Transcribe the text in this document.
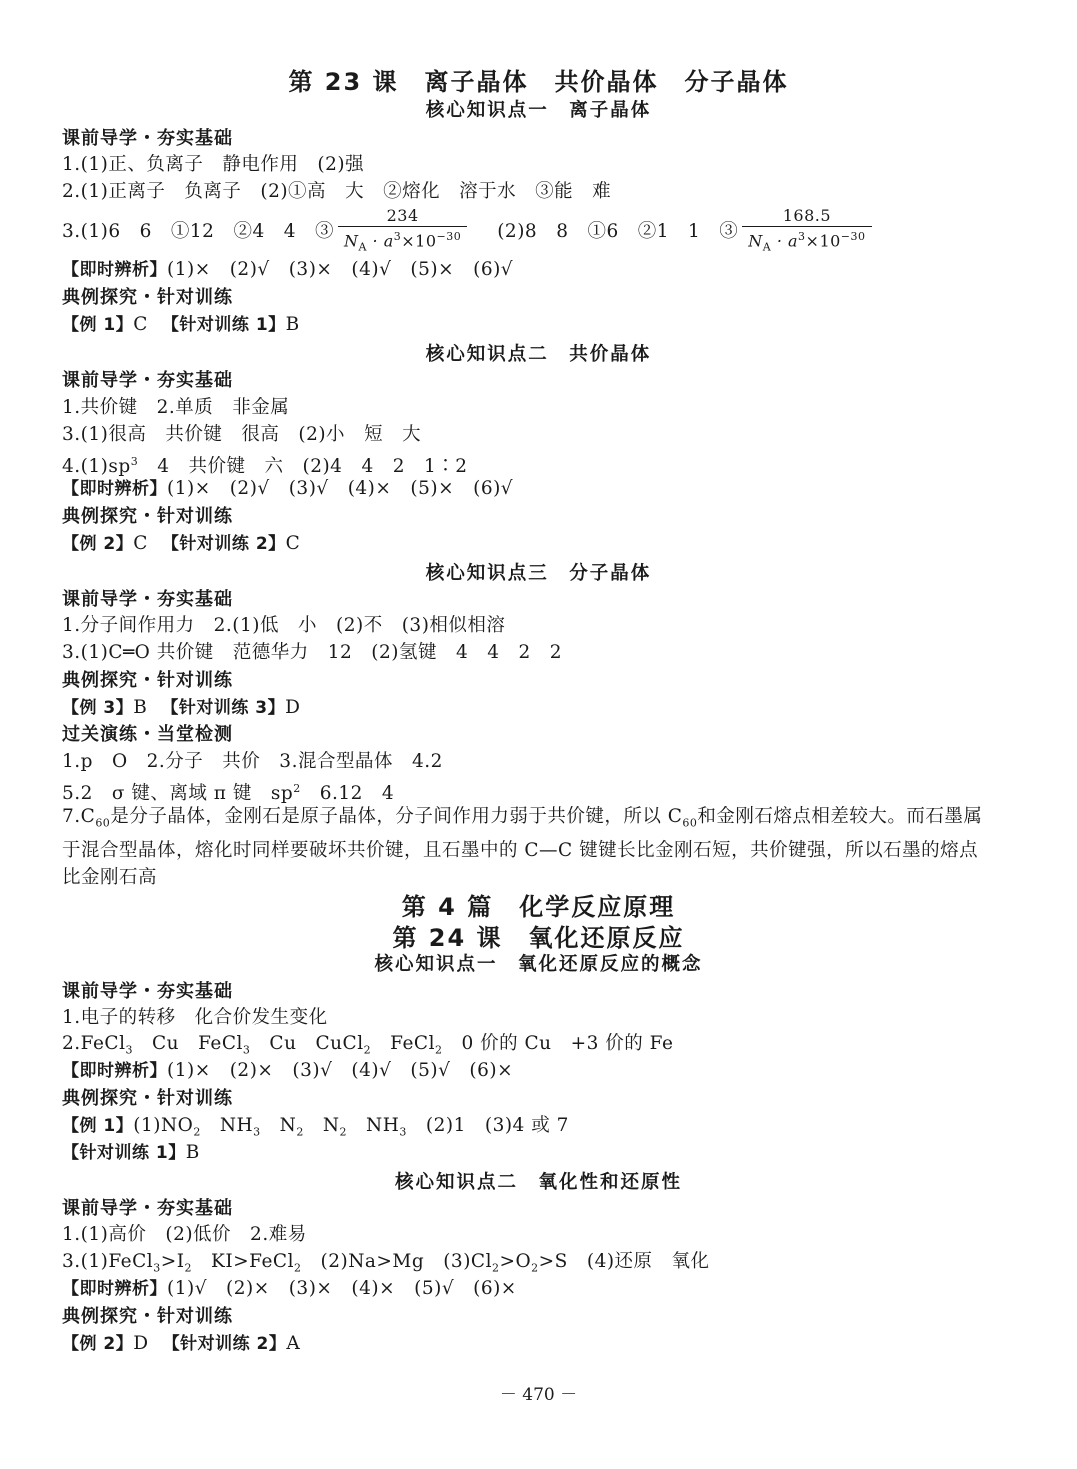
第 23 课　离子晶体　共价晶体　分子晶体
核心知识点一　离子晶体
课前导学・夯实基础
1.(1)正、负离子　静电作用　(2)强
2.(1)正离子　负离子　(2)①高　大　②熔化　溶于水　③能　难
3.(1)6　6　①12　②4　4　③ $\frac{234}{N_A \cdot a^3\times 10^{-30}} (2)8$　8　①6　②1　1　③ $\frac{168.5}{N_A \cdot a^3\times 10^{-30}}$
【即时辨析】(1)×　(2)√　(3)×　(4)√　(5)×　(6)√
典例探究・针对训练
【例 1】C 【针对训练 1】B
核心知识点二　共价晶体
课前导学・夯实基础
1.共价键　2.单质　非金属
3.(1)很高　共价键　很高　(2)小　短　大
$4.(1)sp^3$　4　共价键　六　(2)4　4　2　1∶2
【即时辨析】(1)×　(2)√　(3)√　(4)×　(5)×　(6)√
典例探究・针对训练
【例 2】C 【针对训练 2】C
核心知识点三　分子晶体
课前导学・夯实基础
1.分子间作用力　2.(1)低　小　(2)不　(3)相似相溶
3.(1)C═O 共价键　范德华力　12　(2)氢键　4　4　2　2
典例探究・针对训练
【例 3】B 【针对训练 3】D
过关演练・当堂检测
1.p　O　2.分子　共价　3.混合型晶体　4.2
5.2　σ 键、离域 π 键　$sp^2$　6.12　4
$7.C_{60}$是分子晶体，金刚石是原子晶体，分子间作用力弱于共价键，所以 $C_{60}$和金刚石熔点相差较大。而石墨属于混合型晶体，熔化时同样要破坏共价键，且石墨中的 C—C 键键长比金刚石短，共价键强，所以石墨的熔点比金刚石高
第 4 篇　化学反应原理
第 24 课　氧化还原反应
核心知识点一　氧化还原反应的概念
课前导学・夯实基础
1.电子的转移　化合价发生变化
2.FeCl$_3$　Cu　FeCl$_3$　Cu　CuCl$_2$　FeCl$_2$　0 价的 Cu　+3 价的 Fe
【即时辨析】(1)×　(2)×　(3)√　(4)√　(5)√　(6)×
典例探究・针对训练
【例 1】$(1)NO_2$　$NH_3$　$N_2$　$N_2$　$NH_3$　(2)1　(3)4 或 7
【针对训练 1】B
核心知识点二　氧化性和还原性
课前导学・夯实基础
1.(1)高价　(2)低价　2.难易
$3.(1)FeCl_3>I_2$　KI>FeCl$_2$　(2)Na>Mg　$(3)Cl_2>O_2>S$　(4)还原　氧化
【即时辨析】(1)√　(2)×　(3)×　(4)×　(5)√　(6)×
典例探究・针对训练
【例 2】D 【针对训练 2】A
－ 470 －
